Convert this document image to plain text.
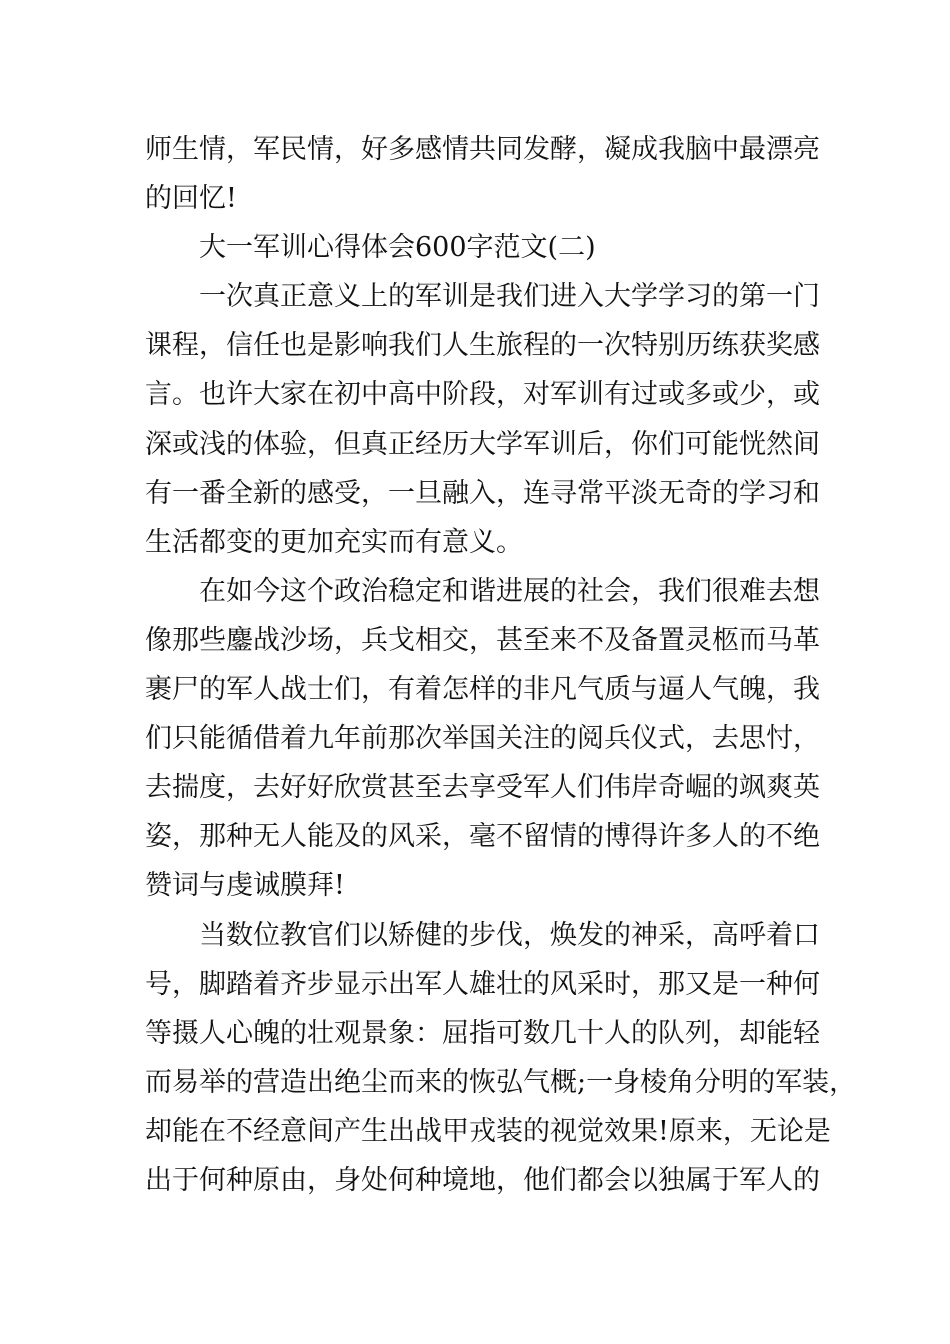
师生情，军民情，好多感情共同发酵，凝成我脑中最漂亮
的回忆!
大一军训心得体会600字范文(二)
一次真正意义上的军训是我们进入大学学习的第一门
课程，信任也是影响我们人生旅程的一次特别历练获奖感
言。也许大家在初中高中阶段，对军训有过或多或少，或
深或浅的体验，但真正经历大学军训后，你们可能恍然间
有一番全新的感受，一旦融入，连寻常平淡无奇的学习和
生活都变的更加充实而有意义。
在如今这个政治稳定和谐进展的社会，我们很难去想
像那些鏖战沙场，兵戈相交，甚至来不及备置灵柩而马革
裹尸的军人战士们，有着怎样的非凡气质与逼人气魄，我
们只能循借着九年前那次举国关注的阅兵仪式，去思忖，
去揣度，去好好欣赏甚至去享受军人们伟岸奇崛的飒爽英
姿，那种无人能及的风采，毫不留情的博得许多人的不绝
赞词与虔诚膜拜!
当数位教官们以矫健的步伐，焕发的神采，高呼着口
号，脚踏着齐步显示出军人雄壮的风采时，那又是一种何
等摄人心魄的壮观景象：屈指可数几十人的队列，却能轻
而易举的营造出绝尘而来的恢弘气概;一身棱角分明的军装，
却能在不经意间产生出战甲戎装的视觉效果!原来，无论是
出于何种原由，身处何种境地，他们都会以独属于军人的
